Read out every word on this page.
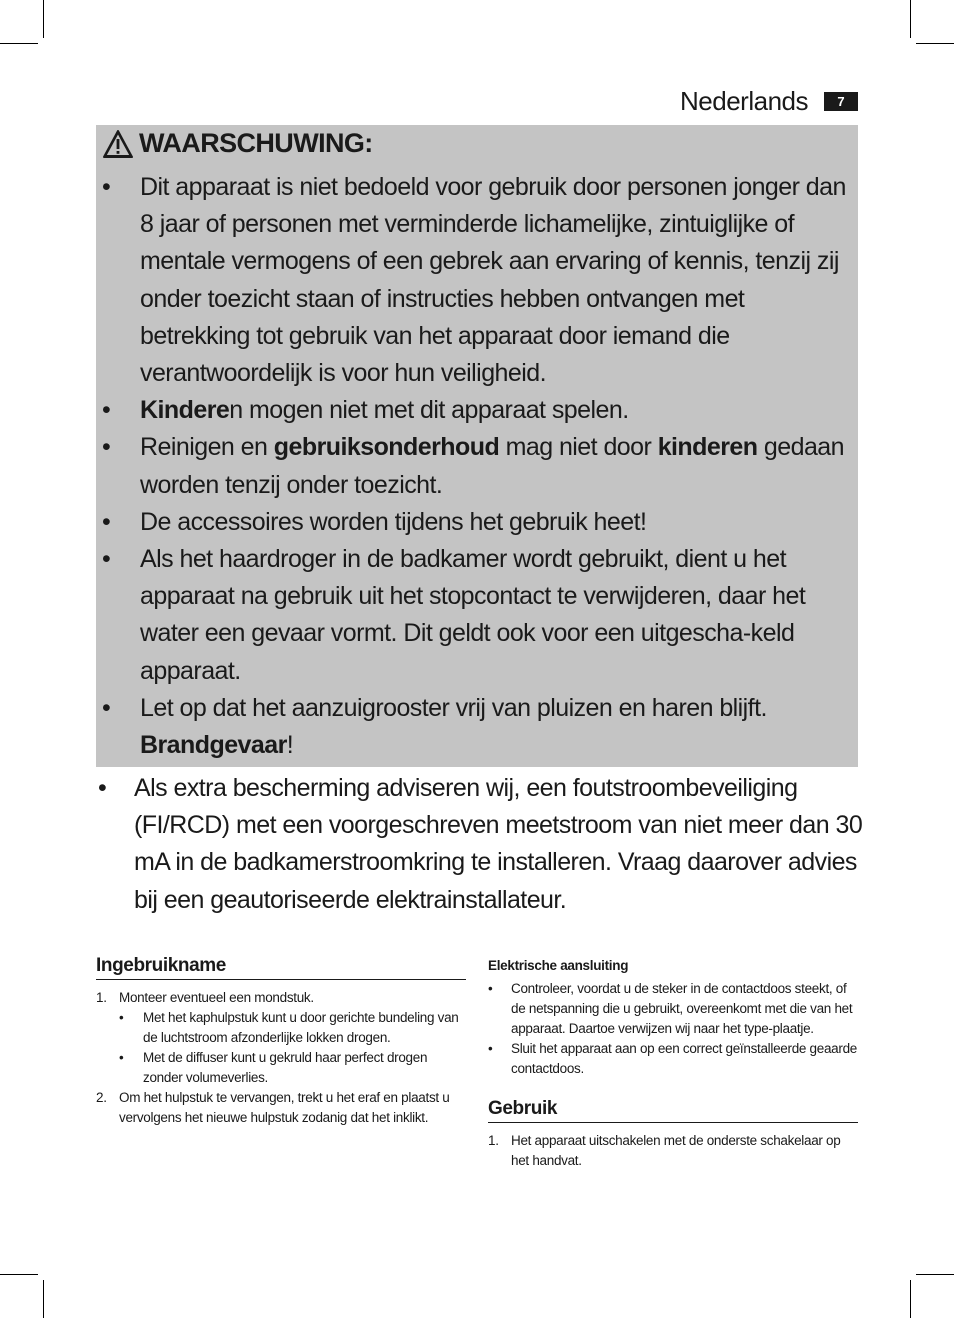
Nederlands	7
WAARSCHUWING:
• Dit apparaat is niet bedoeld voor gebruik door personen jonger dan 8 jaar of personen met verminderde lichamelijke, zintuiglijke of mentale vermogens of een gebrek aan ervaring of kennis, tenzij zij onder toezicht staan of instructies hebben ontvangen met betrekking tot gebruik van het apparaat door iemand die verantwoordelijk is voor hun veiligheid.
• Kinderen mogen niet met dit apparaat spelen.
• Reinigen en gebruiksonderhoud mag niet door kinderen gedaan worden tenzij onder toezicht.
• De accessoires worden tijdens het gebruik heet!
• Als het haardroger in de badkamer wordt gebruikt, dient u het apparaat na gebruik uit het stopcontact te verwijderen, daar het water een gevaar vormt. Dit geldt ook voor een uitgescha-keld apparaat.
• Let op dat het aanzuigrooster vrij van pluizen en haren blijft. Brandgevaar!
• Als extra bescherming adviseren wij, een foutstroombeveiliging (FI/RCD) met een voorgeschreven meetstroom van niet meer dan 30 mA in de badkamerstroomkring te installeren. Vraag daarover advies bij een geautoriseerde elektrainstallateur.
Ingebruikname
1. Monteer eventueel een mondstuk.
• Met het kaphulpstuk kunt u door gerichte bundeling van de luchtstroom afzonderlijke lokken drogen.
• Met de diffuser kunt u gekruld haar perfect drogen zonder volumeverlies.
2. Om het hulpstuk te vervangen, trekt u het eraf en plaatst u vervolgens het nieuwe hulpstuk zodanig dat het inklikt.
Elektrische aansluiting
• Controleer, voordat u de steker in de contactdoos steekt, of de netspanning die u gebruikt, overeenkomt met die van het apparaat. Daartoe verwijzen wij naar het type-plaatje.
• Sluit het apparaat aan op een correct geïnstalleerde geaarde contactdoos.
Gebruik
1. Het apparaat uitschakelen met de onderste schakelaar op het handvat.
